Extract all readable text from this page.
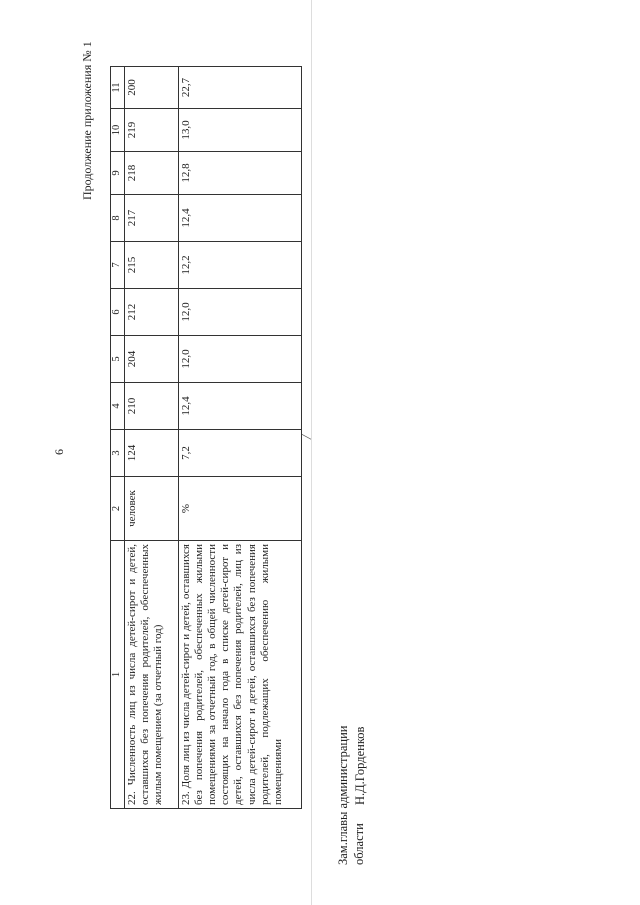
6
Продолжение приложения № 1
1	2	3	4	5	6	7	8	9	10	11
22. Численность лиц из числа детей-сирот и детей, оставшихся без попечения родителей, обеспеченных жилым помещением (за отчетный год)	человек	124	210	204	212	215	217	218	219	200
23. Доля лиц из числа детей-сирот и детей, оставшихся без попечения родителей, обеспеченных жилыми помещениями за отчетный год, в общей численности состоящих на начало года в списке детей-сирот и детей, оставшихся без попечения родителей, лиц из числа детей-сирот и детей, оставшихся без попечения родителей, подлежащих обеспечению жилыми помещениями	%	7,2	12,4	12,0	12,0	12,2	12,4	12,8	13,0	22,7
/
Зам.главы администрации области
Н.Д.Горденков
